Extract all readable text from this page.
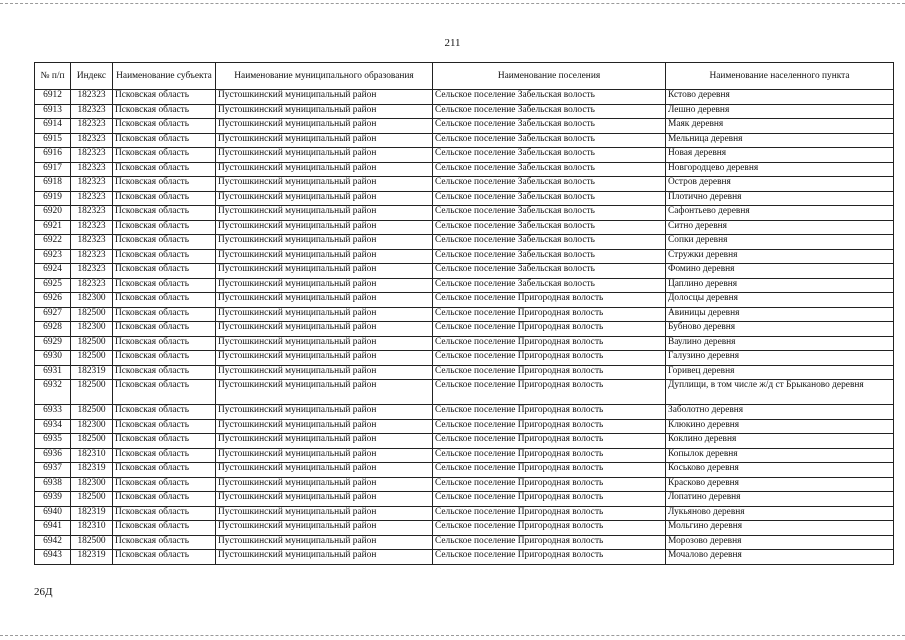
211
№ п/п	Индекс	Наименование субъекта	Наименование муниципального образования	Наименование поселения	Наименование населенного пункта
6912	182323	Псковская область	Пустошкинский муниципальный район	Сельское поселение Забельская волость	Кстово деревня
6913	182323	Псковская область	Пустошкинский муниципальный район	Сельское поселение Забельская волость	Лешно деревня
6914	182323	Псковская область	Пустошкинский муниципальный район	Сельское поселение Забельская волость	Маяк деревня
6915	182323	Псковская область	Пустошкинский муниципальный район	Сельское поселение Забельская волость	Мельница деревня
6916	182323	Псковская область	Пустошкинский муниципальный район	Сельское поселение Забельская волость	Новая деревня
6917	182323	Псковская область	Пустошкинский муниципальный район	Сельское поселение Забельская волость	Новгородцево деревня
6918	182323	Псковская область	Пустошкинский муниципальный район	Сельское поселение Забельская волость	Остров деревня
6919	182323	Псковская область	Пустошкинский муниципальный район	Сельское поселение Забельская волость	Плотично деревня
6920	182323	Псковская область	Пустошкинский муниципальный район	Сельское поселение Забельская волость	Сафонтьево деревня
6921	182323	Псковская область	Пустошкинский муниципальный район	Сельское поселение Забельская волость	Ситно деревня
6922	182323	Псковская область	Пустошкинский муниципальный район	Сельское поселение Забельская волость	Сопки деревня
6923	182323	Псковская область	Пустошкинский муниципальный район	Сельское поселение Забельская волость	Стружки деревня
6924	182323	Псковская область	Пустошкинский муниципальный район	Сельское поселение Забельская волость	Фомино деревня
6925	182323	Псковская область	Пустошкинский муниципальный район	Сельское поселение Забельская волость	Цаплино деревня
6926	182300	Псковская область	Пустошкинский муниципальный район	Сельское поселение Пригородная волость	Долосцы деревня
6927	182500	Псковская область	Пустошкинский муниципальный район	Сельское поселение Пригородная волость	Авиницы деревня
6928	182300	Псковская область	Пустошкинский муниципальный район	Сельское поселение Пригородная волость	Бубново деревня
6929	182500	Псковская область	Пустошкинский муниципальный район	Сельское поселение Пригородная волость	Ваулино деревня
6930	182500	Псковская область	Пустошкинский муниципальный район	Сельское поселение Пригородная волость	Галузино деревня
6931	182319	Псковская область	Пустошкинский муниципальный район	Сельское поселение Пригородная волость	Горивец деревня
6932	182500	Псковская область	Пустошкинский муниципальный район	Сельское поселение Пригородная волость	Дуплищи, в том числе ж/д ст Брыканово деревня
6933	182500	Псковская область	Пустошкинский муниципальный район	Сельское поселение Пригородная волость	Заболотно деревня
6934	182300	Псковская область	Пустошкинский муниципальный район	Сельское поселение Пригородная волость	Клюкино деревня
6935	182500	Псковская область	Пустошкинский муниципальный район	Сельское поселение Пригородная волость	Коклино деревня
6936	182310	Псковская область	Пустошкинский муниципальный район	Сельское поселение Пригородная волость	Копылок деревня
6937	182319	Псковская область	Пустошкинский муниципальный район	Сельское поселение Пригородная волость	Коськово деревня
6938	182300	Псковская область	Пустошкинский муниципальный район	Сельское поселение Пригородная волость	Красково деревня
6939	182500	Псковская область	Пустошкинский муниципальный район	Сельское поселение Пригородная волость	Лопатино деревня
6940	182319	Псковская область	Пустошкинский муниципальный район	Сельское поселение Пригородная волость	Лукьяново деревня
6941	182310	Псковская область	Пустошкинский муниципальный район	Сельское поселение Пригородная волость	Мольгино деревня
6942	182500	Псковская область	Пустошкинский муниципальный район	Сельское поселение Пригородная волость	Морозово деревня
6943	182319	Псковская область	Пустошкинский муниципальный район	Сельское поселение Пригородная волость	Мочалово деревня
26Д
